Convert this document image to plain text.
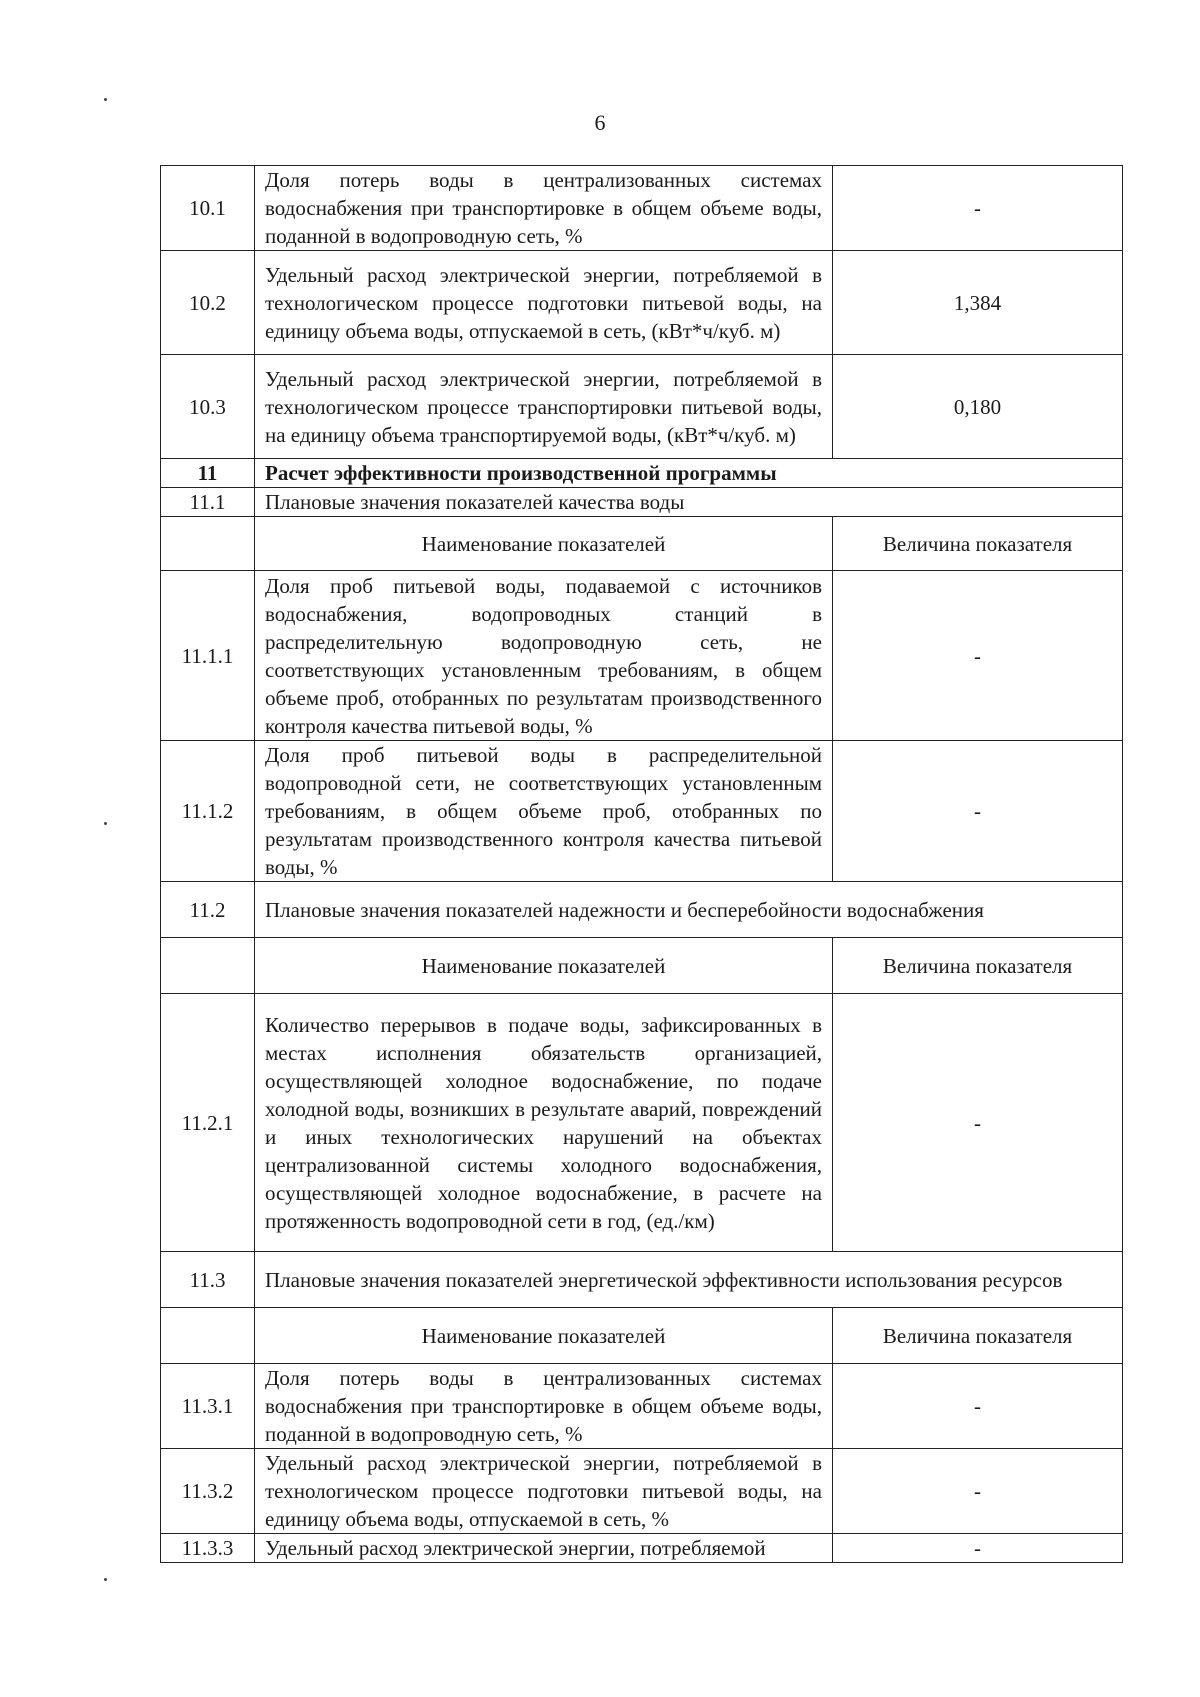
6
10.1	Доля потерь воды в централизованных системах водоснабжения при транспортировке в общем объеме воды, поданной в водопроводную сеть, %	-
10.2	Удельный расход электрической энергии, потребляемой в технологическом процессе подготовки питьевой воды, на единицу объема воды, отпускаемой в сеть, (кВт*ч/куб. м)	1,384
10.3	Удельный расход электрической энергии, потребляемой в технологическом процессе транспортировки питьевой воды, на единицу объема транспортируемой воды, (кВт*ч/куб. м)	0,180
11	Расчет эффективности производственной программы	
11.1	Плановые значения показателей качества воды	
	Наименование показателей	Величина показателя
11.1.1	Доля проб питьевой воды, подаваемой с источников водоснабжения, водопроводных станций в распределительную водопроводную сеть, не соответствующих установленным требованиям, в общем объеме проб, отобранных по результатам производственного контроля качества питьевой воды, %	-
11.1.2	Доля проб питьевой воды в распределительной водопроводной сети, не соответствующих установленным требованиям, в общем объеме проб, отобранных по результатам производственного контроля качества питьевой воды, %	-
11.2	Плановые значения показателей надежности и бесперебойности водоснабжения	
	Наименование показателей	Величина показателя
11.2.1	Количество перерывов в подаче воды, зафиксированных в местах исполнения обязательств организацией, осуществляющей холодное водоснабжение, по подаче холодной воды, возникших в результате аварий, повреждений и иных технологических нарушений на объектах централизованной системы холодного водоснабжения, осуществляющей холодное водоснабжение, в расчете на протяженность водопроводной сети в год, (ед./км)	-
11.3	Плановые значения показателей энергетической эффективности использования ресурсов	
	Наименование показателей	Величина показателя
11.3.1	Доля потерь воды в централизованных системах водоснабжения при транспортировке в общем объеме воды, поданной в водопроводную сеть, %	-
11.3.2	Удельный расход электрической энергии, потребляемой в технологическом процессе подготовки питьевой воды, на единицу объема воды, отпускаемой в сеть, %	-
11.3.3	Удельный расход электрической энергии, потребляемой	-
